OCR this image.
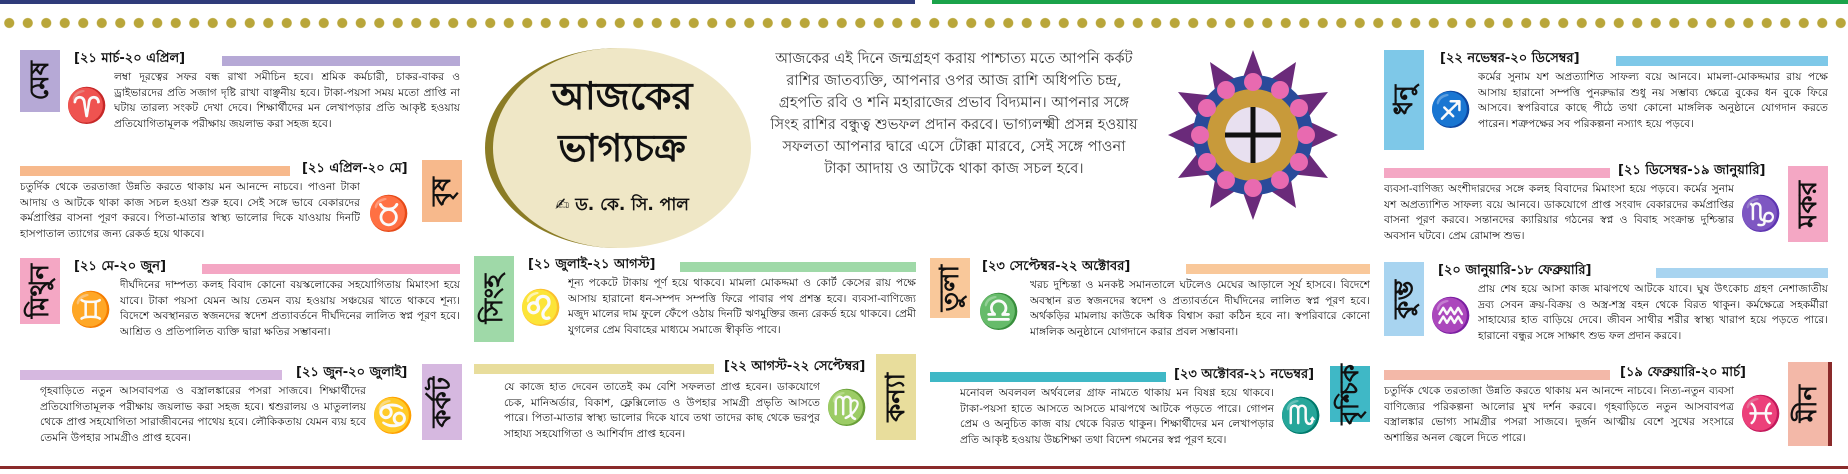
আজকের ভাগ্যচক্র
✍ ড. কে. সি. পাল
আজকের এই দিনে জন্মগ্রহণ করায় পাশ্চাত্য মতে আপনি কর্কট রাশির জাতব্যক্তি, আপনার ওপর আজ রাশি অধিপতি চন্দ্র, গ্রহপতি রবি ও শনি মহারাজের প্রভাব বিদ্যমান। আপনার সঙ্গে সিংহ রাশির বন্ধুত্ব শুভফল প্রদান করবে। ভাগ্যলক্ষ্মী প্রসন্ন হওয়ায় সফলতা আপনার দ্বারে এসে টোক্কা মারবে, সেই সঙ্গে পাওনা টাকা আদায় ও আটকে থাকা কাজ সচল হবে।
মেষ
[২১ মার্চ-২০ এপ্রিল]
♈
লম্বা দূরত্বের সফর বন্ধ রাখা সমীচিন হবে। শ্রমিক কর্মচারী, চাকর-বাকর ও ড্রাইভারদের প্রতি সজাগ দৃষ্টি রাখা বাঞ্ছনীয় হবে। টাকা-পয়সা সময় মতো প্রাপ্তি না ঘটায় তারল্য সংকট দেখা দেবে। শিক্ষার্থীদের মন লেখাপড়ার প্রতি আকৃষ্ট হওয়ায় প্রতিযোগিতামূলক পরীক্ষায় জয়লাভ করা সহজ হবে।
[২১ এপ্রিল-২০ মে]
বৃষ
♉
চতুর্দিক থেকে তরতাজা উন্নতি করতে থাকায় মন আনন্দে নাচবে। পাওনা টাকা আদায় ও আটকে থাকা কাজ সচল হওয়া শুরু হবে। সেই সঙ্গে ভাবে বেকারদের কর্মপ্রাপ্তির বাসনা পূরণ করবে। পিতা-মাতার স্বাস্থ্য ভালোর দিকে যাওয়ায় দিনটি হাসপাতাল ত্যাগের জন্য রেকর্ড হয়ে থাকবে।
মিথুন [২১ মে-২০ জুন]
♊
দীর্ঘদিনের দাম্পত্য কলহ বিবাদ কোনো বয়স্কলোকের সহযোগিতায় মিমাংসা হয়ে যাবে। টাকা পয়সা যেমন আয় তেমন ব্যয় হওয়ায় সঞ্চয়ের খাতে থাকবে শূন্য। বিদেশে অবস্থানরত স্বজনদের স্বদেশ প্রত্যাবর্তনে দীর্ঘদিনের লালিত স্বপ্ন পূরণ হবে। আশ্রিত ও প্রতিপালিত ব্যক্তি দ্বারা ক্ষতির সম্ভাবনা।
[২১ জুন-২০ জুলাই]
কর্কট
♋
গৃহবাড়িতে নতুন আসবাবপত্র ও বস্ত্রালঙ্কারের পসরা সাজবে। শিক্ষার্থীদের প্রতিযোগিতামূলক পরীক্ষায় জয়লাভ করা সহজ হবে। শ্বশুরালয় ও মাতুলালয় থেকে প্রাপ্ত সহযোগিতা সারাজীবনের পাথেয় হবে। লৌকিকতায় যেমন ব্যয় হবে তেমনি উপহার সামগ্রীও প্রাপ্ত হবেন।
সিংহ
[২১ জুলাই-২১ আগস্ট]
♌
শূন্য পকেটে টাকায় পূর্ণ হয়ে থাকবে। মামলা মোকদ্দমা ও কোর্ট কেসের রায় পক্ষে আসায় হারানো ধন-সম্পদ সম্পত্তি ফিরে পাবার পথ প্রশস্ত হবে। ব্যবসা-বাণিজ্যে মজুদ মালের দাম ফুলে ফেঁপে ওঠায় দিনটি ঋণমুক্তির জন্য রেকর্ড হয়ে থাকবে। প্রেমী যুগলের প্রেম বিবাহের মাধ্যমে সমাজে স্বীকৃতি পাবে।
[২২ আগস্ট-২২ সেপ্টেম্বর]
কন্যা
♍
যে কাজে হাত দেবেন তাতেই কম বেশি সফলতা প্রাপ্ত হবেন। ডাকযোগে চেক, মানিঅর্ডার, বিকাশ, ফ্লেক্সিলোড ও উপহার সামগ্রী প্রভৃতি আসতে পারে। পিতা-মাতার স্বাস্থ্য ভালোর দিকে যাবে তথা তাদের কাছ থেকে ভরপুর সাহায্য সহযোগিতা ও আশির্বাদ প্রাপ্ত হবেন।
তুলা [২৩ সেপ্টেম্বর-২২ অক্টোবর]
♎
খরচ দুশ্চিন্তা ও মনকষ্ট সমানতালে ঘটলেও মেঘের আড়ালে সূর্য হাসবে। বিদেশে অবস্থান রত স্বজনদের স্বদেশ ও প্রত্যাবর্তনে দীর্ঘদিনের লালিত স্বপ্ন পূরণ হবে। অর্থকড়ির মামলায় কাউকে অধিক বিশ্বাস করা কঠিন হবে না। স্বপরিবারে কোনো মাঙ্গলিক অনুষ্ঠানে যোগদানে করার প্রবল সম্ভাবনা।
[২৩ অক্টোবর-২১ নভেম্বর] বৃশ্চিক
♏
মনোবল অবলবল অর্থবলের গ্রাফ নামতে থাকায় মন বিষণ্ণ হয়ে থাকবে। টাকা-পয়সা হাতে আসতে আসতে মাঝপথে আটকে পড়তে পারে। গোপন প্রেম ও অনুচিত কাজ বায় থেকে বিরত থাকুন। শিক্ষার্থীদের মন লেখাপড়ার প্রতি আকৃষ্ট হওয়ায় উচ্চশিক্ষা তথা বিদেশ গমনের স্বপ্ন পূরণ হবে।
ধনু
[২২ নভেম্বর-২০ ডিসেম্বর]
♐
কর্মের সুনাম যশ অপ্রত্যাশিত সাফল্য বয়ে আনবে। মামলা-মোকদ্দমার রায় পক্ষে আসায় হারানো সম্পত্তি পুনরুদ্ধার শুধু নয় সম্ভাব্য ক্ষেত্রে বুকের ধন বুকে ফিরে আসবে। স্বপরিবারে কাছে পীঠে তথা কোনো মাঙ্গলিক অনুষ্ঠানে যোগদান করতে পারেন। শত্রুপক্ষের সব পরিকল্পনা নস্যাৎ হয়ে পড়বে।
[২১ ডিসেম্বর-১৯ জানুয়ারি]
মকর
♑
ব্যবসা-বাণিজ্য অংশীদারদের সঙ্গে কলহ বিবাদের মিমাংসা হয়ে পড়বে। কর্মের সুনাম যশ অপ্রত্যাশিত সাফল্য বয়ে আনবে। ডাকযোগে প্রাপ্ত সংবাদ বেকারদের কর্মপ্রাপ্তির বাসনা পূরণ করবে। সন্তানদের ক্যারিয়ার গঠনের স্বপ্ন ও বিবাহ সংক্রান্ত দুশ্চিন্তার অবসান ঘটবে। প্রেম রোমান্স শুভ।
কুম্ভ
[২০ জানুয়ারি-১৮ ফেব্রুয়ারি]
♒
প্রায় শেষ হয়ে আসা কাজ মাঝপথে আটকে যাবে। ঘুষ উৎকোচ গ্রহণ নেশাজাতীয় দ্রব্য সেবন ক্রয়-বিক্রয় ও অস্ত্র-শস্ত্র বহন থেকে বিরত থাকুন। কর্মক্ষেত্রে সহকর্মীরা সাহায্যের হাত বাড়িয়ে দেবে। জীবন সাথীর শরীর স্বাস্থ্য খারাপ হয়ে পড়তে পারে। হারানো বন্ধুর সঙ্গে সাক্ষাৎ শুভ ফল প্রদান করবে।
[১৯ ফেব্রুয়ারি-২০ মার্চ]
মীন
♓
চতুর্দিক থেকে তরতাজা উন্নতি করতে থাকায় মন আনন্দে নাচবে। নিত্য-নতুন ব্যবসা বাণিজ্যের পরিকল্পনা আলোর মুখ দর্শন করবে। গৃহবাড়িতে নতুন আসবাবপত্র বস্ত্রালঙ্কার ভোগ্য সামগ্রীর পসরা সাজবে। দুর্জন আত্মীয় বেশে সুখের সংসারে অশান্তির অনল জ্বেলে দিতে পারে।
